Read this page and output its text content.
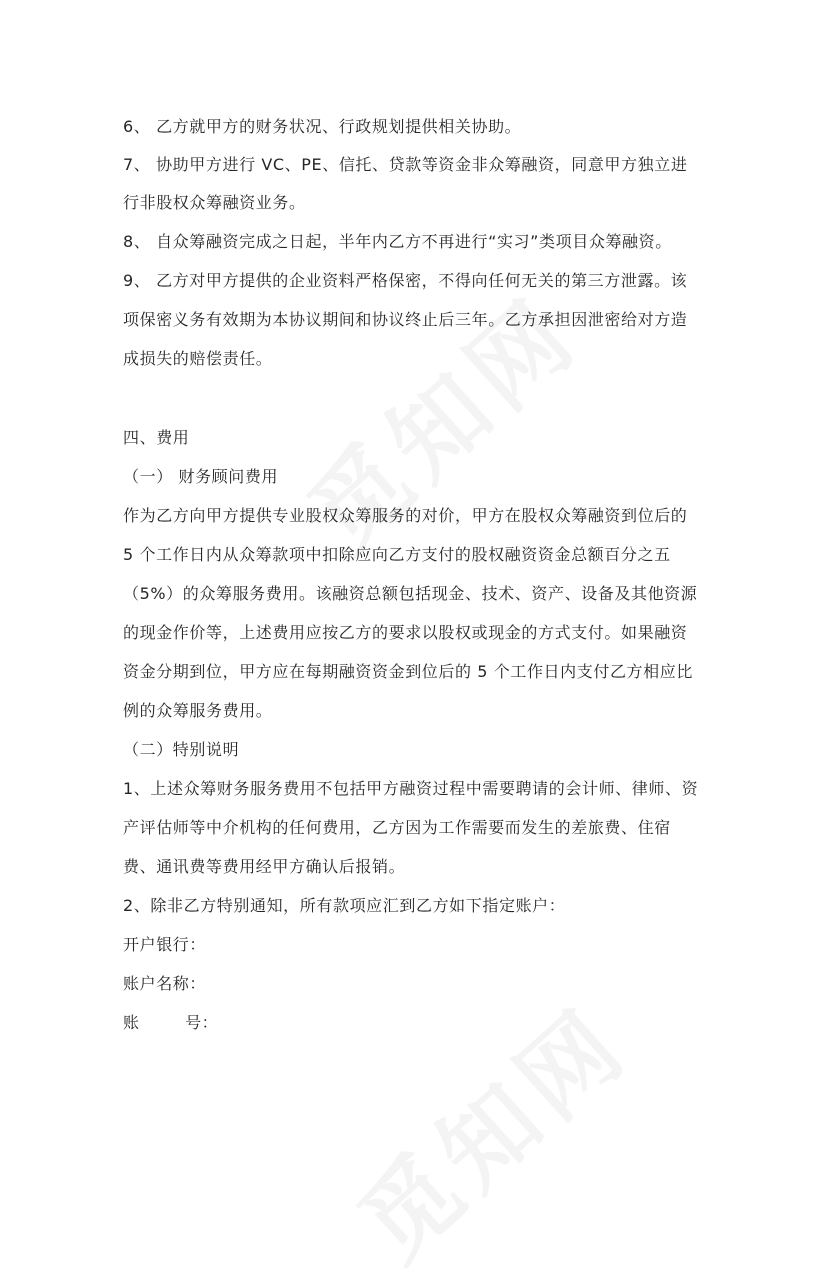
6、 乙方就甲方的财务状况、行政规划提供相关协助。
7、 协助甲方进行 VC、PE、信托、贷款等资金非众筹融资，同意甲方独立进
行非股权众筹融资业务。
8、 自众筹融资完成之日起，半年内乙方不再进行“实习”类项目众筹融资。
9、 乙方对甲方提供的企业资料严格保密，不得向任何无关的第三方泄露。该
项保密义务有效期为本协议期间和协议终止后三年。乙方承担因泄密给对方造
成损失的赔偿责任。
四、费用
（一） 财务顾问费用
作为乙方向甲方提供专业股权众筹服务的对价，甲方在股权众筹融资到位后的
5 个工作日内从众筹款项中扣除应向乙方支付的股权融资资金总额百分之五
（5%）的众筹服务费用。该融资总额包括现金、技术、资产、设备及其他资源
的现金作价等，上述费用应按乙方的要求以股权或现金的方式支付。如果融资
资金分期到位，甲方应在每期融资资金到位后的 5 个工作日内支付乙方相应比
例的众筹服务费用。
（二）特别说明
1、上述众筹财务服务费用不包括甲方融资过程中需要聘请的会计师、律师、资
产评估师等中介机构的任何费用，乙方因为工作需要而发生的差旅费、住宿
费、通讯费等费用经甲方确认后报销。
2、除非乙方特别通知，所有款项应汇到乙方如下指定账户：
开户银行：
账户名称：
账        号：
